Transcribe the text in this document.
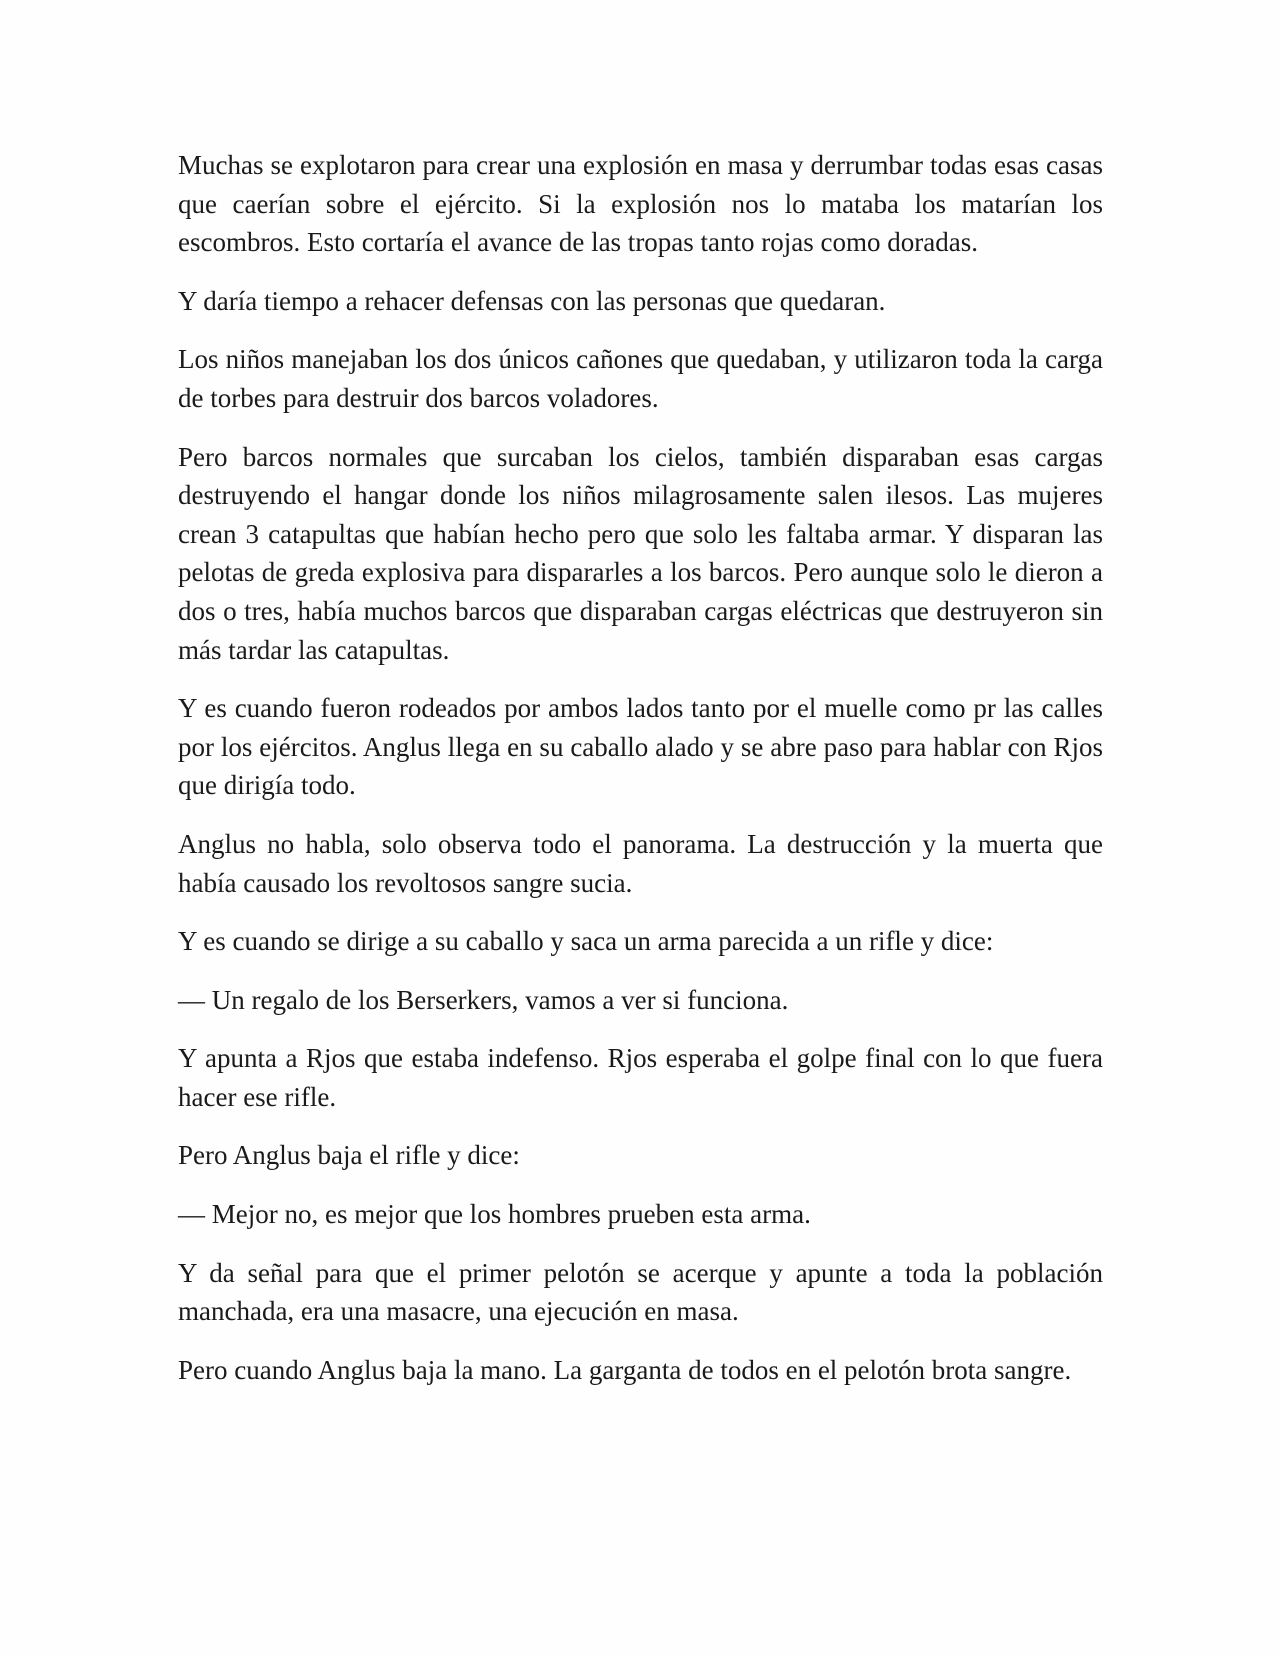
Muchas se explotaron para crear una explosión en masa y derrumbar todas esas casas que caerían sobre el ejército. Si la explosión nos lo mataba los matarían los escombros. Esto cortaría el avance de las tropas tanto rojas como doradas.

Y daría tiempo a rehacer defensas con las personas que quedaran.

Los niños manejaban los dos únicos cañones que quedaban, y utilizaron toda la carga de torbes para destruir dos barcos voladores.

Pero barcos normales que surcaban los cielos, también disparaban esas cargas destruyendo el hangar donde los niños milagrosamente salen ilesos. Las mujeres crean 3 catapultas que habían hecho pero que solo les faltaba armar. Y disparan las pelotas de greda explosiva para dispararles a los barcos. Pero aunque solo le dieron a dos o tres, había muchos barcos que disparaban cargas eléctricas que destruyeron sin más tardar las catapultas.

Y es cuando fueron rodeados por ambos lados tanto por el muelle como pr las calles por los ejércitos. Anglus llega en su caballo alado y se abre paso para hablar con Rjos que dirigía todo.

Anglus no habla, solo observa todo el panorama. La destrucción y la muerta que había causado los revoltosos sangre sucia.

Y es cuando se dirige a su caballo y saca un arma parecida a un rifle y dice:

— Un regalo de los Berserkers, vamos a ver si funciona.

Y apunta a Rjos que estaba indefenso. Rjos esperaba el golpe final con lo que fuera hacer ese rifle.

Pero Anglus baja el rifle y dice:

— Mejor no, es mejor que los hombres prueben esta arma.

Y da señal para que el primer pelotón se acerque y apunte a toda la población manchada, era una masacre, una ejecución en masa.

Pero cuando Anglus baja la mano. La garganta de todos en el pelotón brota sangre.
